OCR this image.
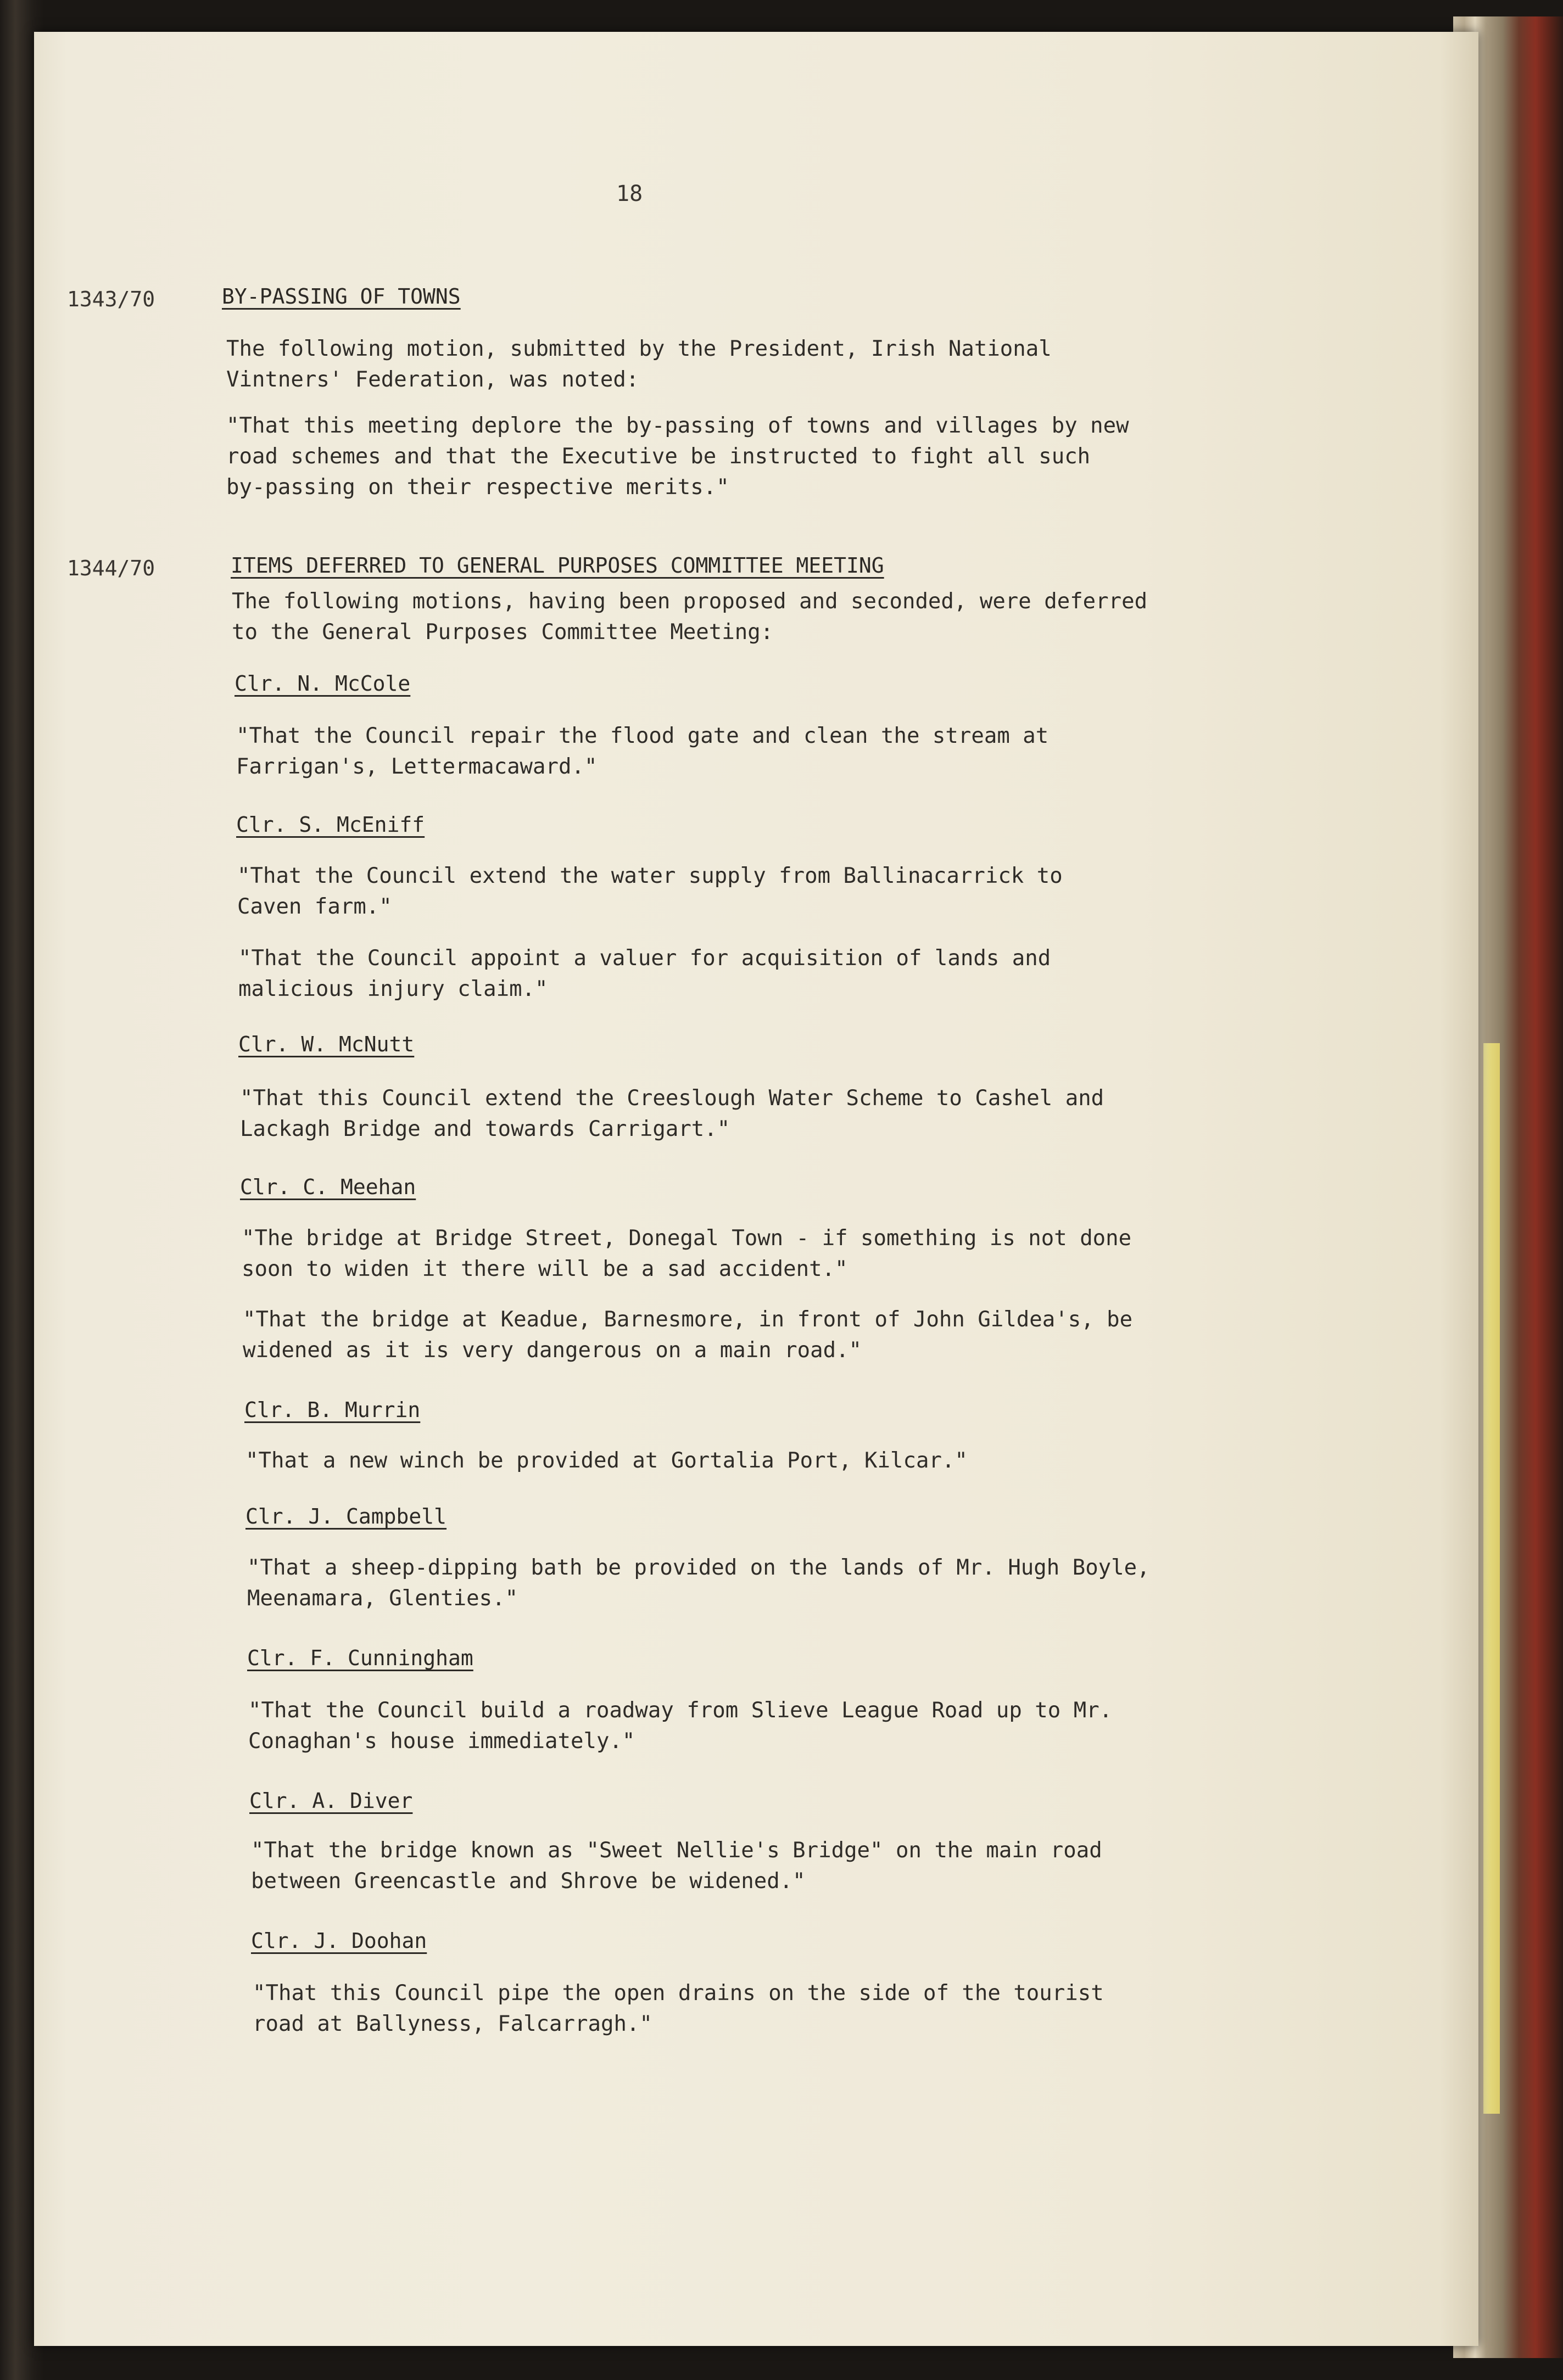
18
1343/70	BY-PASSING OF TOWNS
The following motion, submitted by the President, Irish National
Vintners' Federation, was noted:
"That this meeting deplore the by-passing of towns and villages by new
road schemes and that the Executive be instructed to fight all such
by-passing on their respective merits."
1344/70	ITEMS DEFERRED TO GENERAL PURPOSES COMMITTEE MEETING
The following motions, having been proposed and seconded, were deferred
to the General Purposes Committee Meeting:
Clr. N. McCole
"That the Council repair the flood gate and clean the stream at
Farrigan's, Lettermacaward."
Clr. S. McEniff
"That the Council extend the water supply from Ballinacarrick to
Caven farm."
"That the Council appoint a valuer for acquisition of lands and
malicious injury claim."
Clr. W. McNutt
"That this Council extend the Creeslough Water Scheme to Cashel and
Lackagh Bridge and towards Carrigart."
Clr. C. Meehan
"The bridge at Bridge Street, Donegal Town - if something is not done
soon to widen it there will be a sad accident."
"That the bridge at Keadue, Barnesmore, in front of John Gildea's, be
widened as it is very dangerous on a main road."
Clr. B. Murrin
"That a new winch be provided at Gortalia Port, Kilcar."
Clr. J. Campbell
"That a sheep-dipping bath be provided on the lands of Mr. Hugh Boyle,
Meenamara, Glenties."
Clr. F. Cunningham
"That the Council build a roadway from Slieve League Road up to Mr.
Conaghan's house immediately."
Clr. A. Diver
"That the bridge known as "Sweet Nellie's Bridge" on the main road
between Greencastle and Shrove be widened."
Clr. J. Doohan
"That this Council pipe the open drains on the side of the tourist
road at Ballyness, Falcarragh."
